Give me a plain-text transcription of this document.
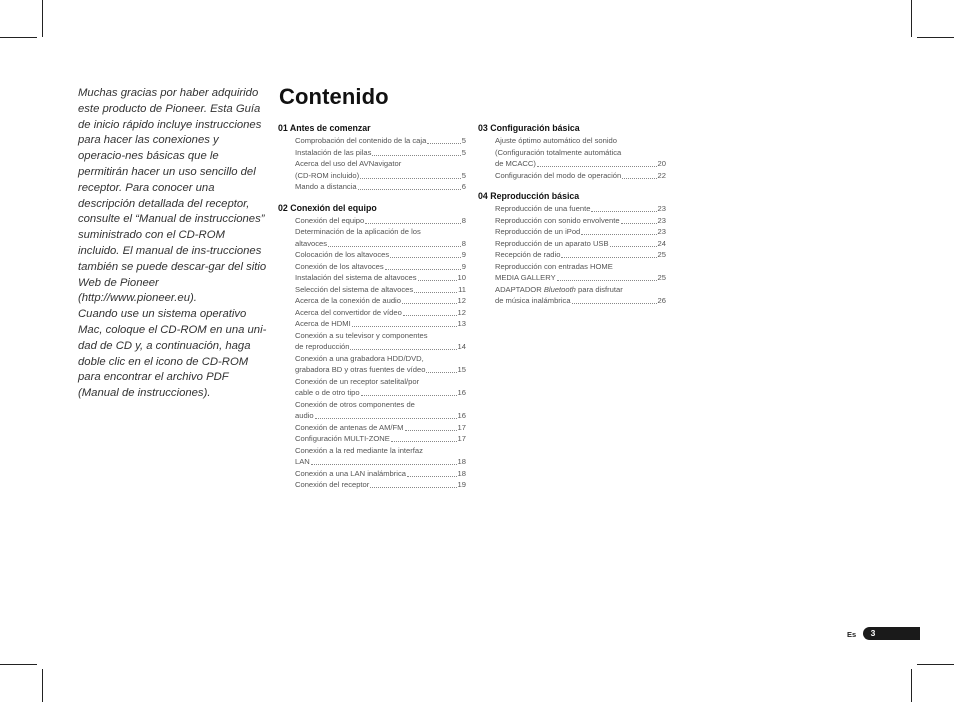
Muchas gracias por haber adquirido este producto de Pioneer. Esta Guía de inicio rápido incluye instrucciones para hacer las conexiones y operacio-nes básicas que le permitirán hacer un uso sencillo del receptor. Para conocer una descripción detallada del receptor, consulte el “Manual de instrucciones” suministrado con el CD-ROM incluido. El manual de ins-trucciones también se puede descar-gar del sitio Web de Pioneer (http://www.pioneer.eu).

Cuando use un sistema operativo Mac, coloque el CD-ROM en una uni-dad de CD y, a continuación, haga doble clic en el icono de CD-ROM para encontrar el archivo PDF (Manual de instrucciones).

Contenido
01 Antes de comenzar
Comprobación del contenido de la caja	5
Instalación de las pilas	5
Acerca del uso del AVNavigator
(CD-ROM incluido)	5
Mando a distancia	6
02 Conexión del equipo
Conexión del equipo	8
Determinación de la aplicación de los
altavoces	8
Colocación de los altavoces	9
Conexión de los altavoces	9
Instalación del sistema de altavoces	10
Selección del sistema de altavoces	11
Acerca de la conexión de audio	12
Acerca del convertidor de vídeo	12
Acerca de HDMI	13
Conexión a su televisor y componentes
de reproducción	14
Conexión a una grabadora HDD/DVD,
grabadora BD y otras fuentes de vídeo	15
Conexión de un receptor satelital/por
cable o de otro tipo	16
Conexión de otros componentes de
audio	16
Conexión de antenas de AM/FM	17
Configuración MULTI-ZONE	17
Conexión a la red mediante la interfaz
LAN	18
Conexión a una LAN inalámbrica	18
Conexión del receptor	19
03 Configuración básica
Ajuste óptimo automático del sonido
(Configuración totalmente automática
de MCACC)	20
Configuración del modo de operación	22
04 Reproducción básica
Reproducción de una fuente	23
Reproducción con sonido envolvente	23
Reproducción de un iPod	23
Reproducción de un aparato USB	24
Recepción de radio	25
Reproducción con entradas HOME
MEDIA GALLERY	25
ADAPTADOR Bluetooth para disfrutar
de música inalámbrica	26
Es	3
